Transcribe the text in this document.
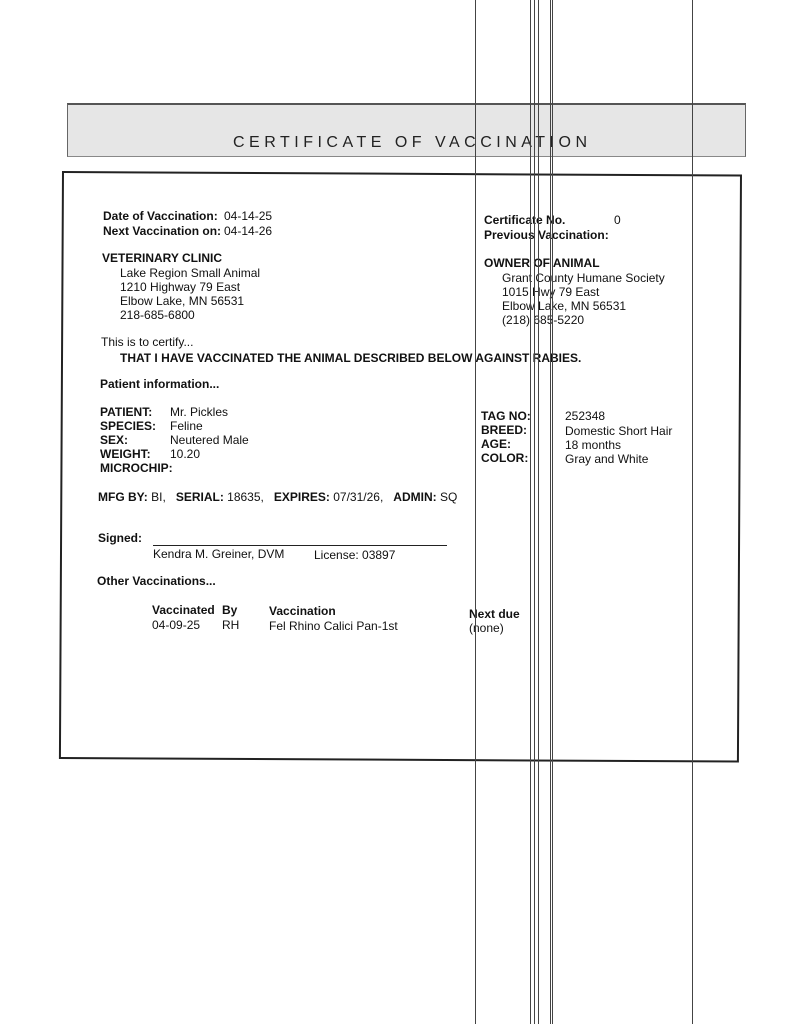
CERTIFICATE OF VACCINATION
Date of Vaccination: 04-14-25
Next Vaccination on: 04-14-26
Certificate No.	0
Previous Vaccination:
VETERINARY CLINIC
Lake Region Small Animal
1210 Highway 79 East
Elbow Lake, MN 56531
218-685-6800
OWNER OF ANIMAL
Grant County Humane Society
1015 Hwy 79 East
Elbow Lake, MN 56531
(218) 685-5220
This is to certify...
THAT I HAVE VACCINATED THE ANIMAL DESCRIBED BELOW AGAINST RABIES.
Patient information...
PATIENT: Mr. Pickles
SPECIES: Feline
SEX:	Neutered Male
WEIGHT: 10.20
MICROCHIP:
TAG NO:	252348
BREED:	Domestic Short Hair
AGE:	18 months
COLOR:	Gray and White
MFG BY: BI, SERIAL: 18635, EXPIRES: 07/31/26, ADMIN: SQ
Signed:
Kendra M. Greiner, DVM License: 03897
Other Vaccinations...
Vaccinated By	Vaccination	Next due
04-09-25 RH Fel Rhino Calici Pan-1st	(none)
